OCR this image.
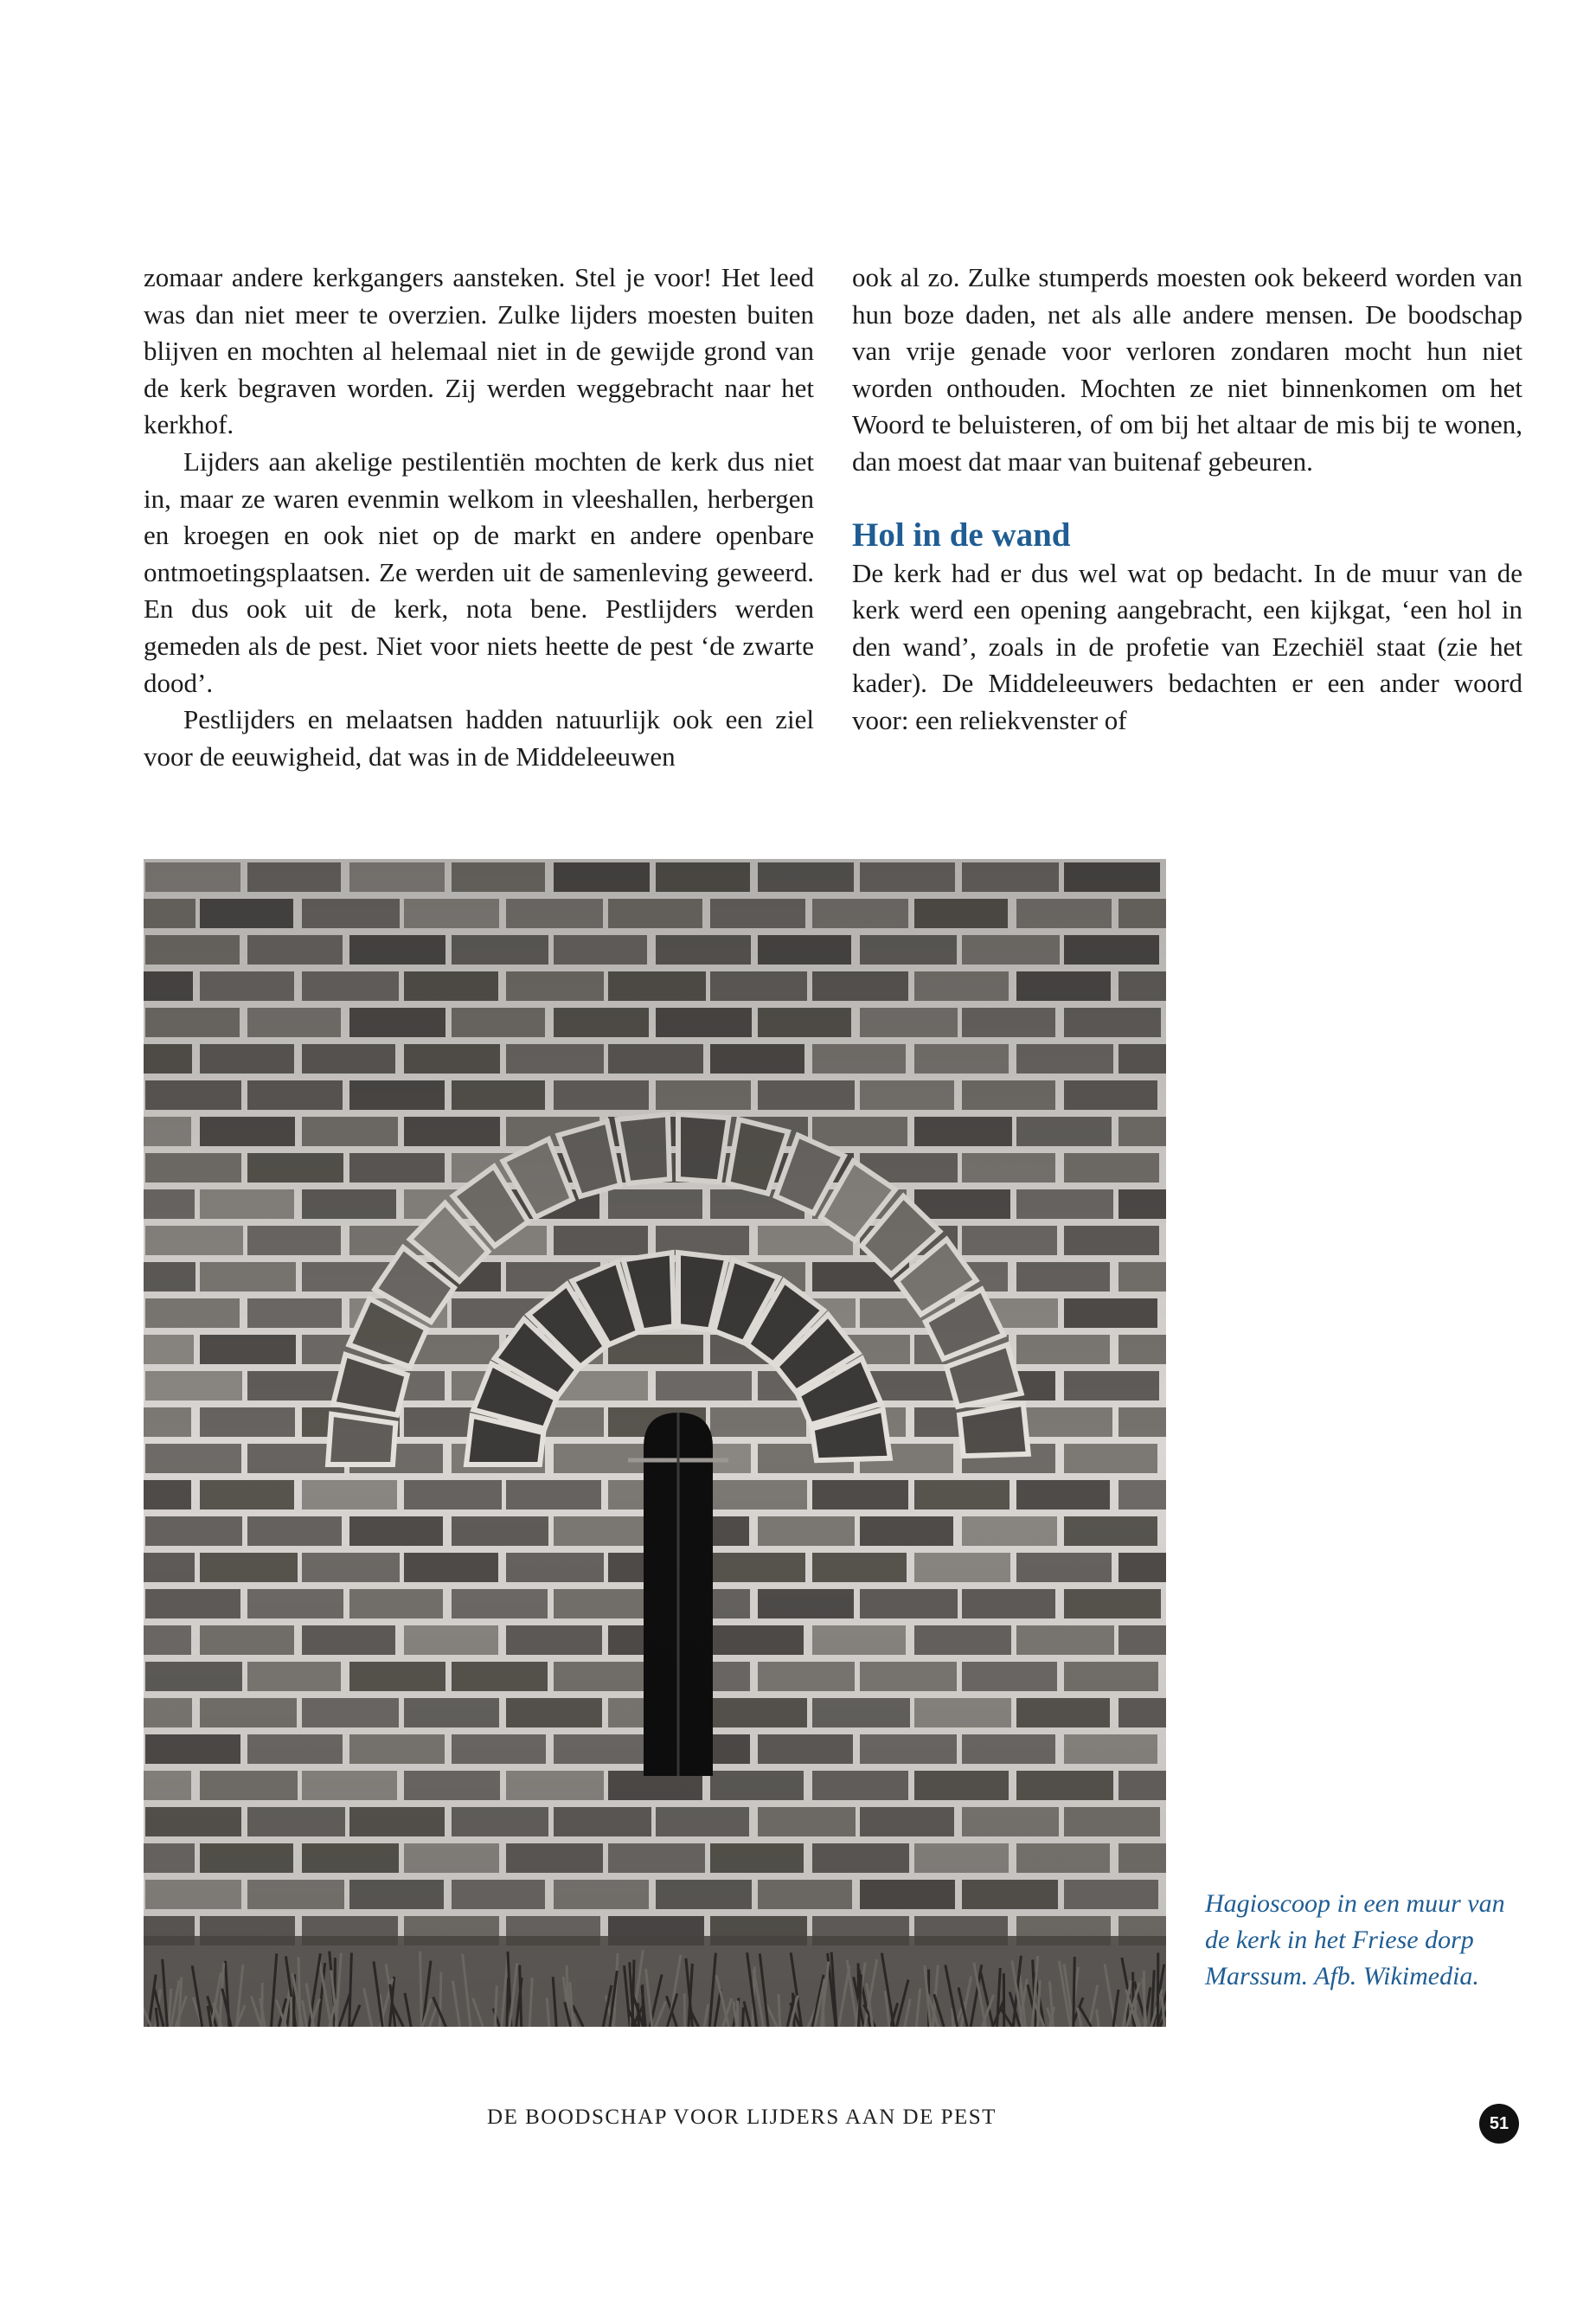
zomaar andere kerkgangers aansteken. Stel je voor! Het leed was dan niet meer te overzien. Zulke lijders moesten buiten blijven en mochten al helemaal niet in de gewijde grond van de kerk begraven worden. Zij werden weggebracht naar het kerkhof.

Lijders aan akelige pestilentiën mochten de kerk dus niet in, maar ze waren evenmin welkom in vleeshallen, herbergen en kroegen en ook niet op de markt en andere openbare ontmoetingsplaatsen. Ze werden uit de samenleving geweerd. En dus ook uit de kerk, nota bene. Pestlijders werden gemeden als de pest. Niet voor niets heette de pest ‘de zwarte dood’.

Pestlijders en melaatsen hadden natuurlijk ook een ziel voor de eeuwigheid, dat was in de Middeleeuwen

ook al zo. Zulke stumperds moesten ook bekeerd worden van hun boze daden, net als alle andere mensen. De boodschap van vrije genade voor verloren zondaren mocht hun niet worden onthouden. Mochten ze niet binnenkomen om het Woord te beluisteren, of om bij het altaar de mis bij te wonen, dan moest dat maar van buitenaf gebeuren.

Hol in de wand

De kerk had er dus wel wat op bedacht. In de muur van de kerk werd een opening aangebracht, een kijkgat, ‘een hol in den wand’, zoals in de profetie van Ezechiël staat (zie het kader). De Middeleeuwers bedachten er een ander woord voor: een reliekvenster of

Hagioscoop in een muur van de kerk in het Friese dorp Marssum. Afb. Wikimedia.
DE BOODSCHAP VOOR LIJDERS AAN DE PEST	51
